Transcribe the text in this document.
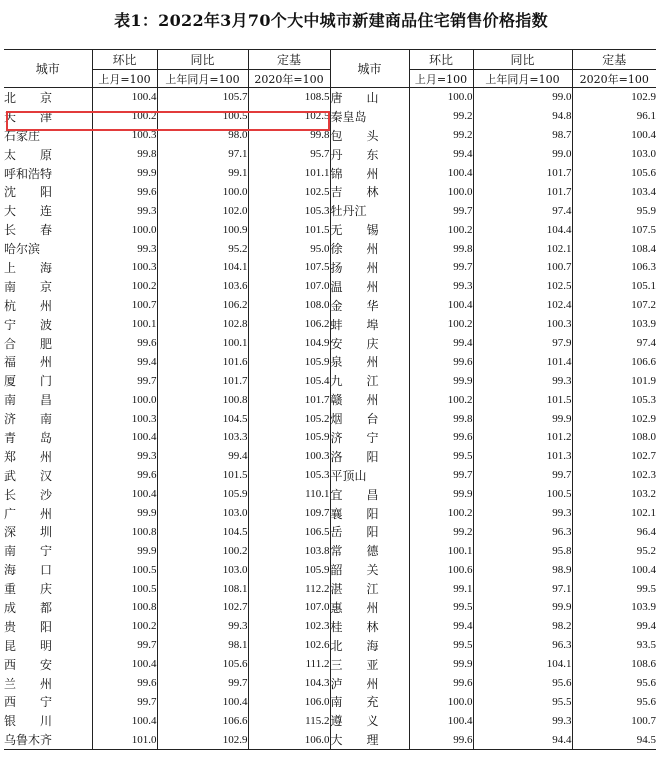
表1：2022年3月70个大中城市新建商品住宅销售价格指数
城市	环比	同比	定基	城市	环比	同比	定基
	上月=100	上年同月=100	2020年=100		上月=100	上年同月=100	2020年=100
北　　京	100.4	105.7	108.5	唐　　山	100.0	99.0	102.9
天　　津	100.2	100.5	102.5	秦皇岛	99.2	94.8	96.1
石家庄	100.3	98.0	99.8	包　　头	99.2	98.7	100.4
太　　原	99.8	97.1	95.7	丹　　东	99.4	99.0	103.0
呼和浩特	99.9	99.1	101.1	锦　　州	100.4	101.7	105.6
沈　　阳	99.6	100.0	102.5	吉　　林	100.0	101.7	103.4
大　　连	99.3	102.0	105.3	牡丹江	99.7	97.4	95.9
长　　春	100.0	100.9	101.5	无　　锡	100.2	104.4	107.5
哈尔滨	99.3	95.2	95.0	徐　　州	99.8	102.1	108.4
上　　海	100.3	104.1	107.5	扬　　州	99.7	100.7	106.3
南　　京	100.2	103.6	107.0	温　　州	99.3	102.5	105.1
杭　　州	100.7	106.2	108.0	金　　华	100.4	102.4	107.2
宁　　波	100.1	102.8	106.2	蚌　　埠	100.2	100.3	103.9
合　　肥	99.6	100.1	104.9	安　　庆	99.4	97.9	97.4
福　　州	99.4	101.6	105.9	泉　　州	99.6	101.4	106.6
厦　　门	99.7	101.7	105.4	九　　江	99.9	99.3	101.9
南　　昌	100.0	100.8	101.7	赣　　州	100.2	101.5	105.3
济　　南	100.3	104.5	105.2	烟　　台	99.8	99.9	102.9
青　　岛	100.4	103.3	105.9	济　　宁	99.6	101.2	108.0
郑　　州	99.3	99.4	100.3	洛　　阳	99.5	101.3	102.7
武　　汉	99.6	101.5	105.3	平顶山	99.7	99.7	102.3
长　　沙	100.4	105.9	110.1	宜　　昌	99.9	100.5	103.2
广　　州	99.9	103.0	109.7	襄　　阳	100.2	99.3	102.1
深　　圳	100.8	104.5	106.5	岳　　阳	99.2	96.3	96.4
南　　宁	99.9	100.2	103.8	常　　德	100.1	95.8	95.2
海　　口	100.5	103.0	105.9	韶　　关	100.6	98.9	100.4
重　　庆	100.5	108.1	112.2	湛　　江	99.1	97.1	99.5
成　　都	100.8	102.7	107.0	惠　　州	99.5	99.9	103.9
贵　　阳	100.2	99.3	102.3	桂　　林	99.4	98.2	99.4
昆　　明	99.7	98.1	102.6	北　　海	99.5	96.3	93.5
西　　安	100.4	105.6	111.2	三　　亚	99.9	104.1	108.6
兰　　州	99.6	99.7	104.3	泸　　州	99.6	95.6	95.6
西　　宁	99.7	100.4	106.0	南　　充	100.0	95.5	95.6
银　　川	100.4	106.6	115.2	遵　　义	100.4	99.3	100.7
乌鲁木齐	101.0	102.9	106.0	大　　理	99.6	94.4	94.5
